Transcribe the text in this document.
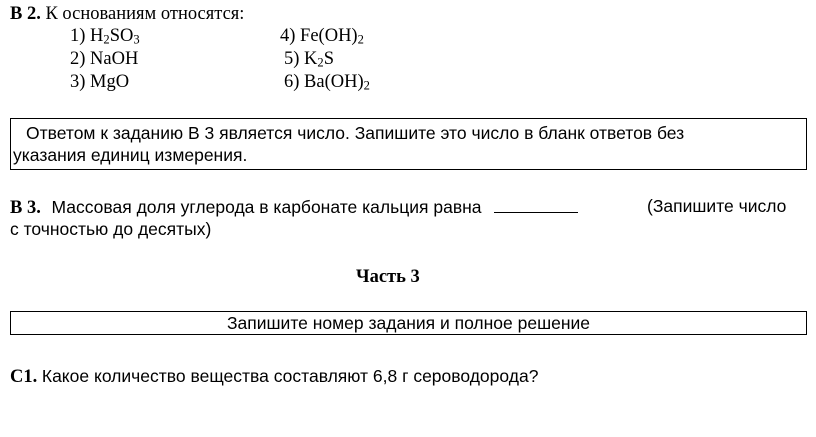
В 2. К основаниям относятся:
1) $H_2SO_3$
2) NaOH
3) MgO
4) $Fe(OH)_2$
5) $K_2S$
6) $Ba(OH)_2$
Ответом к заданию В 3 является число. Запишите это число в бланк ответов без
указания единиц измерения.
В 3. Массовая доля углерода в карбонате кальция равна	(Запишите число
с точностью до десятых)
Часть 3
Запишите номер задания и полное решение
С1. Какое количество вещества составляют 6,8 г сероводорода?
